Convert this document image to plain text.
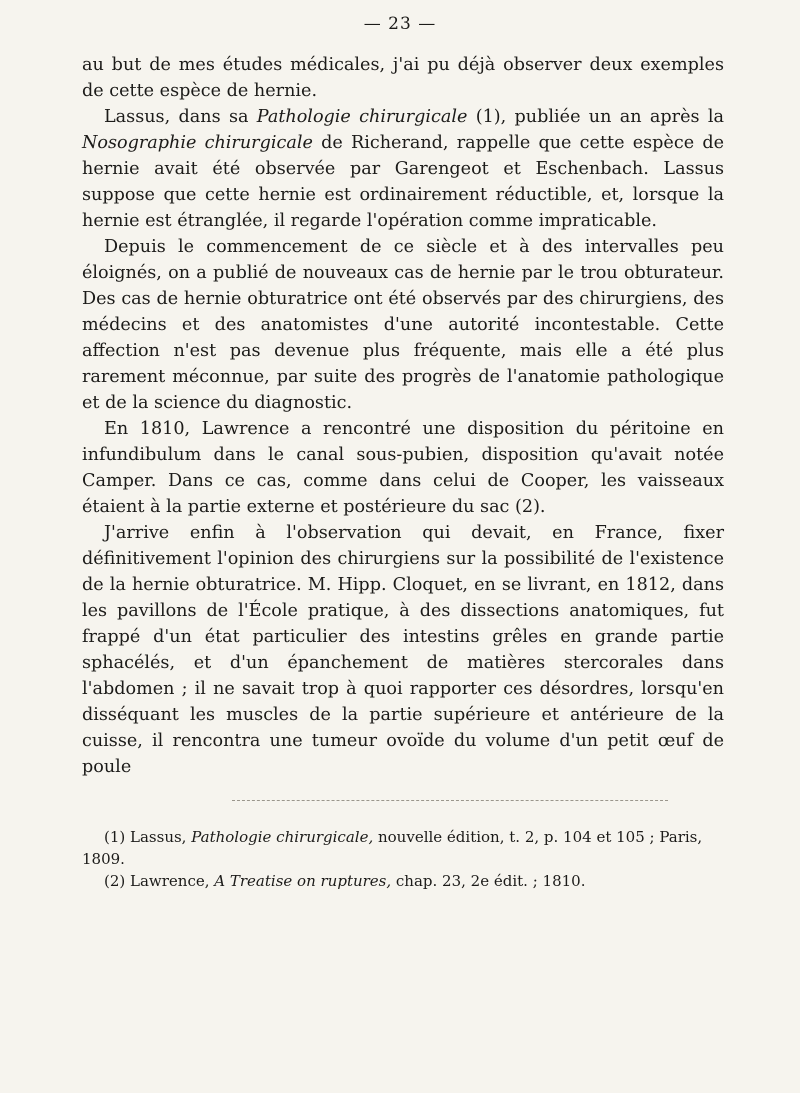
— 23 —

au but de mes études médicales, j'ai pu déjà observer deux exemples de cette espèce de hernie.

Lassus, dans sa Pathologie chirurgicale (1), publiée un an après la Nosographie chirurgicale de Richerand, rappelle que cette espèce de hernie avait été observée par Garengeot et Eschenbach. Lassus suppose que cette hernie est ordinairement réductible, et, lorsque la hernie est étranglée, il regarde l'opération comme impraticable.

Depuis le commencement de ce siècle et à des intervalles peu éloignés, on a publié de nouveaux cas de hernie par le trou obturateur. Des cas de hernie obturatrice ont été observés par des chirurgiens, des médecins et des anatomistes d'une autorité incontestable. Cette affection n'est pas devenue plus fréquente, mais elle a été plus rarement méconnue, par suite des progrès de l'anatomie pathologique et de la science du diagnostic.

En 1810, Lawrence a rencontré une disposition du péritoine en infundibulum dans le canal sous-pubien, disposition qu'avait notée Camper. Dans ce cas, comme dans celui de Cooper, les vaisseaux étaient à la partie externe et postérieure du sac (2).

J'arrive enfin à l'observation qui devait, en France, fixer définitivement l'opinion des chirurgiens sur la possibilité de l'existence de la hernie obturatrice. M. Hipp. Cloquet, en se livrant, en 1812, dans les pavillons de l'École pratique, à des dissections anatomiques, fut frappé d'un état particulier des intestins grêles en grande partie sphacélés, et d'un épanchement de matières stercorales dans l'abdomen ; il ne savait trop à quoi rapporter ces désordres, lorsqu'en disséquant les muscles de la partie supérieure et antérieure de la cuisse, il rencontra une tumeur ovoïde du volume d'un petit œuf de poule

(1) Lassus, Pathologie chirurgicale, nouvelle édition, t. 2, p. 104 et 105 ; Paris, 1809.

(2) Lawrence, A Treatise on ruptures, chap. 23, 2e édit. ; 1810.
